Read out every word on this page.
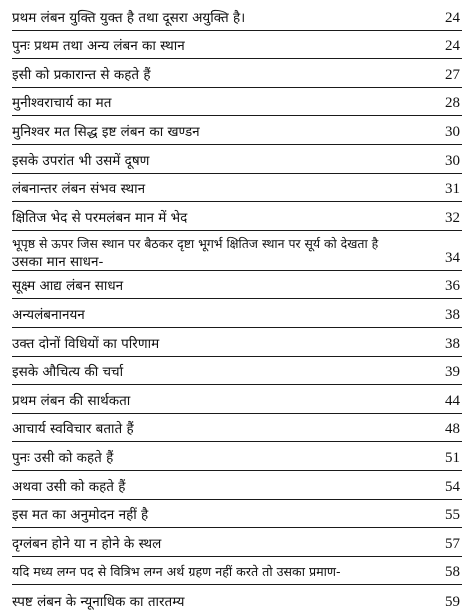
प्रथम लंबन युक्ति युक्त है तथा दूसरा अयुक्ति है।	24
पुनः प्रथम तथा अन्य लंबन का स्थान	24
इसी को प्रकारान्त से कहते हैं	27
मुनीश्वराचार्य का मत	28
मुनिश्वर मत सिद्ध इष्ट लंबन का खण्डन	30
इसके उपरांत भी उसमें दूषण	30
लंबनान्तर लंबन संभव स्थान	31
क्षितिज भेद से परमलंबन मान में भेद	32
भूपृष्ठ से ऊपर जिस स्थान पर बैठकर दृष्टा भूगर्भ क्षितिज स्थान पर सूर्य को देखता है
उसका मान साधन-	34
सूक्ष्म आद्य लंबन साधन	36
अन्यलंबनानयन	38
उक्त दोनों विधियों का परिणाम	38
इसके औचित्य की चर्चा	39
प्रथम लंबन की सार्थकता	44
आचार्य स्वविचार बताते हैं	48
पुनः उसी को कहते हैं	51
अथवा उसी को कहते हैं	54
इस मत का अनुमोदन नहीं है	55
दृग्लंबन होने या न होने के स्थल	57
यदि मध्य लग्न पद से वित्रिभ लग्न अर्थ ग्रहण नहीं करते तो उसका प्रमाण-	58
स्पष्ट लंबन के न्यूनाधिक का तारतम्य	59
